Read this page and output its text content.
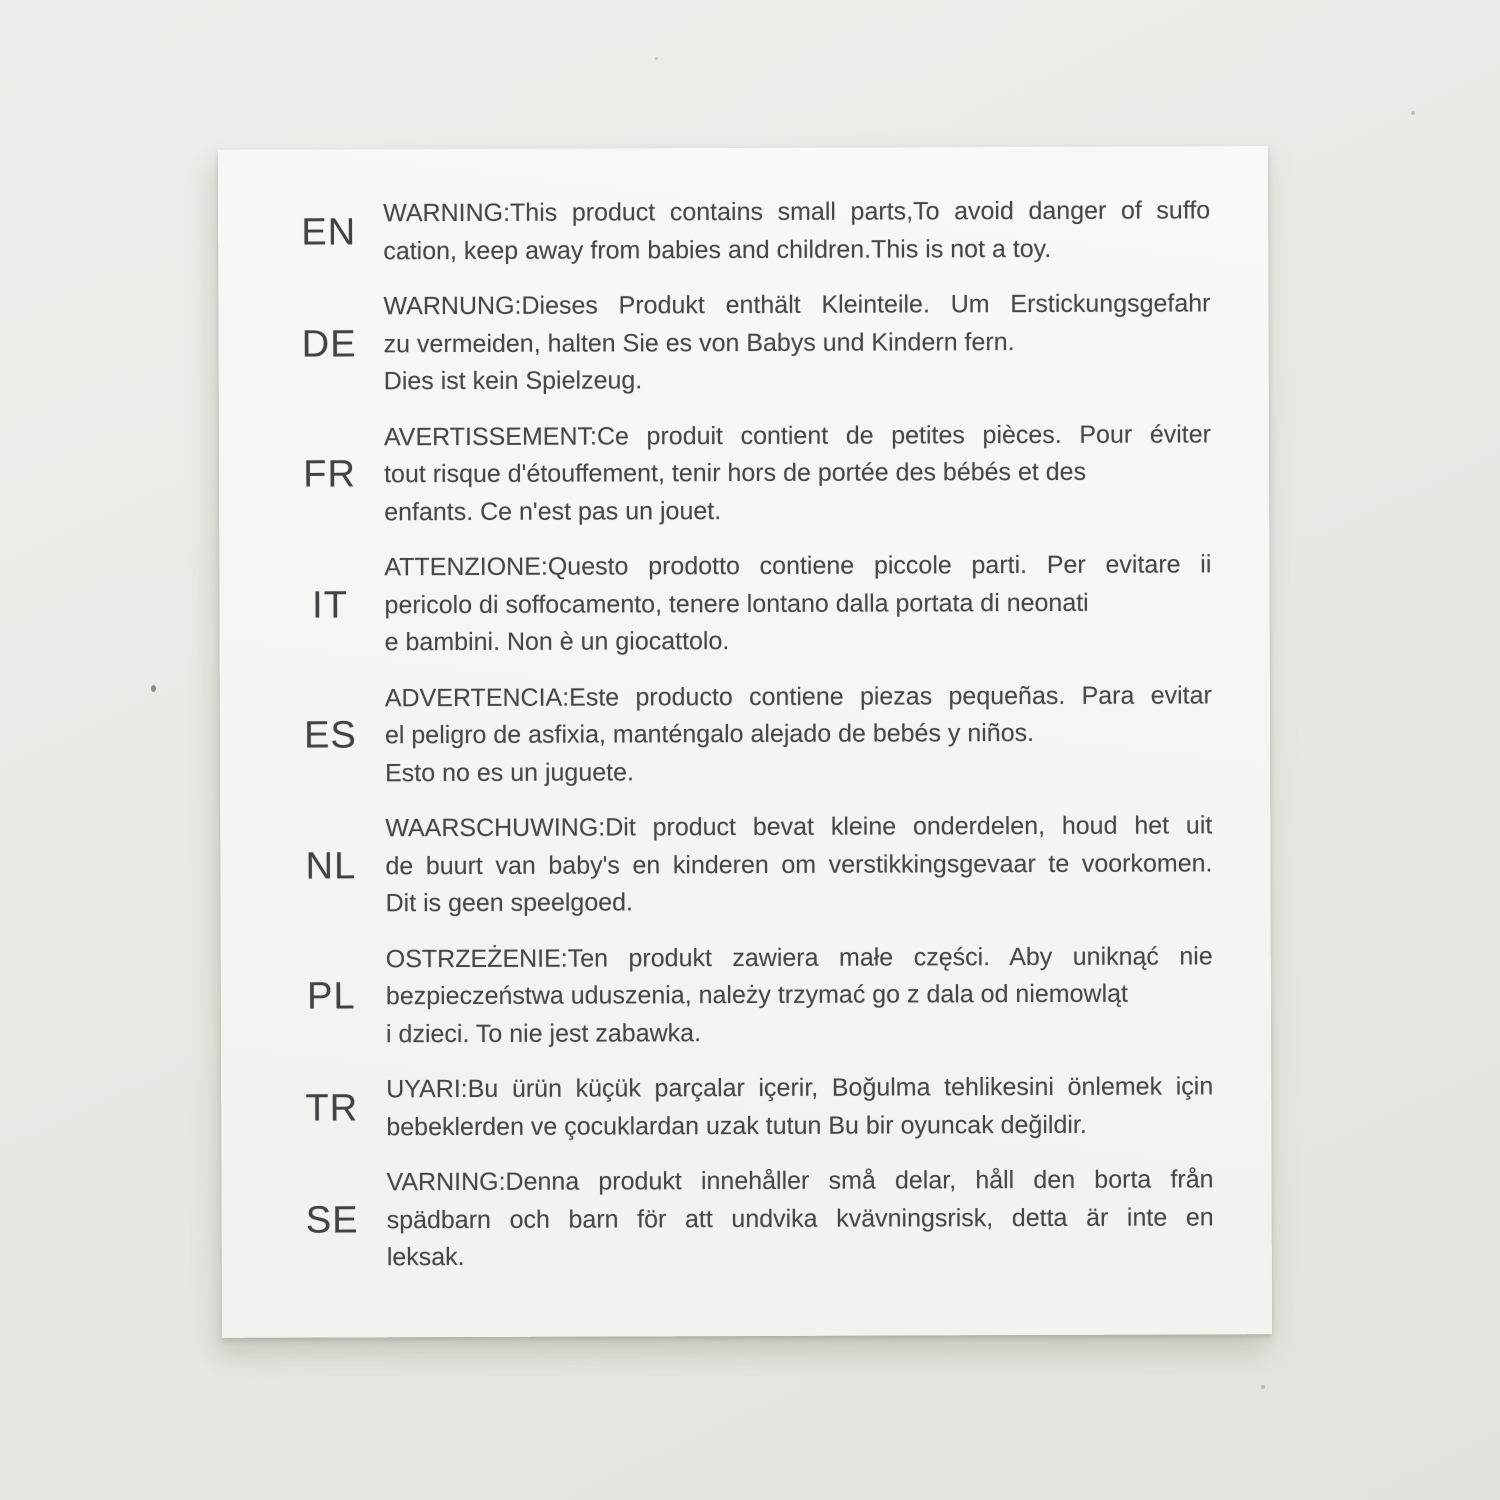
EN	WARNING:This product contains small parts,To avoid danger of suffo
cation, keep away from babies and children.This is not a toy.
DE
WARNUNG:Dieses Produkt enthält Kleinteile. Um Erstickungsgefahr
zu vermeiden, halten Sie es von Babys und Kindern fern.
Dies ist kein Spielzeug.
FR
AVERTISSEMENT:Ce produit contient de petites pièces. Pour éviter
tout risque d'étouffement, tenir hors de portée des bébés et des
enfants. Ce n'est pas un jouet.
IT
ATTENZIONE:Questo prodotto contiene piccole parti. Per evitare ii
pericolo di soffocamento, tenere lontano dalla portata di neonati
e bambini. Non è un giocattolo.
ES
ADVERTENCIA:Este producto contiene piezas pequeñas. Para evitar
el peligro de asfixia, manténgalo alejado de bebés y niños.
Esto no es un juguete.
NL
WAARSCHUWING:Dit product bevat kleine onderdelen, houd het uit
de buurt van baby's en kinderen om verstikkingsgevaar te voorkomen.
Dit is geen speelgoed.
PL
OSTRZEŻENIE:Ten produkt zawiera małe części. Aby uniknąć nie
bezpieczeństwa uduszenia, należy trzymać go z dala od niemowląt
i dzieci. To nie jest zabawka.
TR	UYARI:Bu ürün küçük parçalar içerir, Boğulma tehlikesini önlemek için
bebeklerden ve çocuklardan uzak tutun Bu bir oyuncak değildir.
SE
VARNING:Denna produkt innehåller små delar, håll den borta från
spädbarn och barn för att undvika kvävningsrisk, detta är inte en
leksak.
